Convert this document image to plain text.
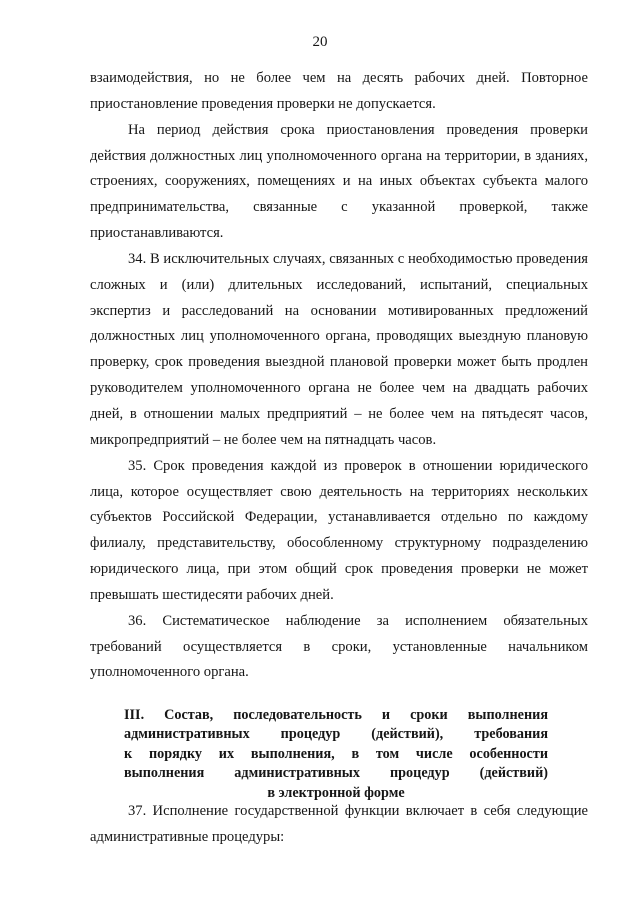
20

взаимодействия, но не более чем на десять рабочих дней. Повторное приостановление проведения проверки не допускается.

На период действия срока приостановления проведения проверки действия должностных лиц уполномоченного органа на территории, в зданиях, строениях, сооружениях, помещениях и на иных объектах субъекта малого предпринимательства, связанные с указанной проверкой, также приостанавливаются.

34. В исключительных случаях, связанных с необходимостью проведения сложных и (или) длительных исследований, испытаний, специальных экспертиз и расследований на основании мотивированных предложений должностных лиц уполномоченного органа, проводящих выездную плановую проверку, срок проведения выездной плановой проверки может быть продлен руководителем уполномоченного органа не более чем на двадцать рабочих дней, в отношении малых предприятий – не более чем на пятьдесят часов, микропредприятий – не более чем на пятнадцать часов.

35. Срок проведения каждой из проверок в отношении юридического лица, которое осуществляет свою деятельность на территориях нескольких субъектов Российской Федерации, устанавливается отдельно по каждому филиалу, представительству, обособленному структурному подразделению юридического лица, при этом общий срок проведения проверки не может превышать шестидесяти рабочих дней.

36. Систематическое наблюдение за исполнением обязательных требований осуществляется в сроки, установленные начальником уполномоченного органа.

III. Состав, последовательность и сроки выполнения
административных процедур (действий), требования
к порядку их выполнения, в том числе особенности
выполнения административных процедур (действий)
в электронной форме

37. Исполнение государственной функции включает в себя следующие административные процедуры:
